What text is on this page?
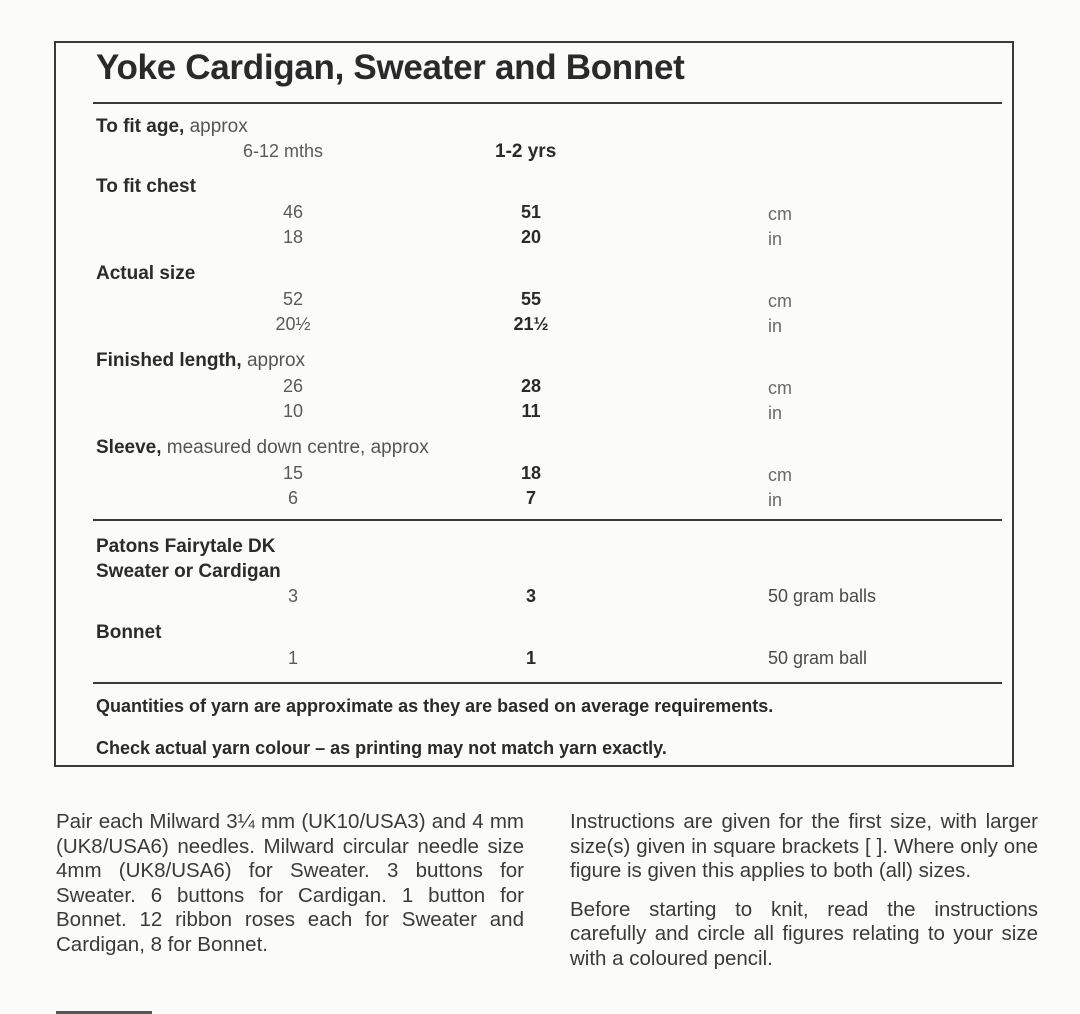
Yoke Cardigan, Sweater and Bonnet
To fit age, approx
6-12 mths	1-2 yrs
To fit chest
46	51	cm
18	20	in
Actual size
52	55	cm
20½	21½	in
Finished length, approx
26	28	cm
10	11	in
Sleeve, measured down centre, approx
15	18	cm
6	7	in
Patons Fairytale DK
Sweater or Cardigan
3	3	50 gram balls
Bonnet
1	1	50 gram ball
Quantities of yarn are approximate as they are based on average requirements.
Check actual yarn colour – as printing may not match yarn exactly.

Pair each Milward 3¼ mm (UK10/USA3) and 4 mm (UK8/USA6) needles. Milward circular needle size 4mm (UK8/USA6) for Sweater. 3 buttons for Sweater. 6 buttons for Cardigan. 1 button for Bonnet. 12 ribbon roses each for Sweater and Cardigan, 8 for Bonnet.

Instructions are given for the first size, with larger size(s) given in square brackets [ ]. Where only one figure is given this applies to both (all) sizes.

Before starting to knit, read the instructions carefully and circle all figures relating to your size with a coloured pencil.
